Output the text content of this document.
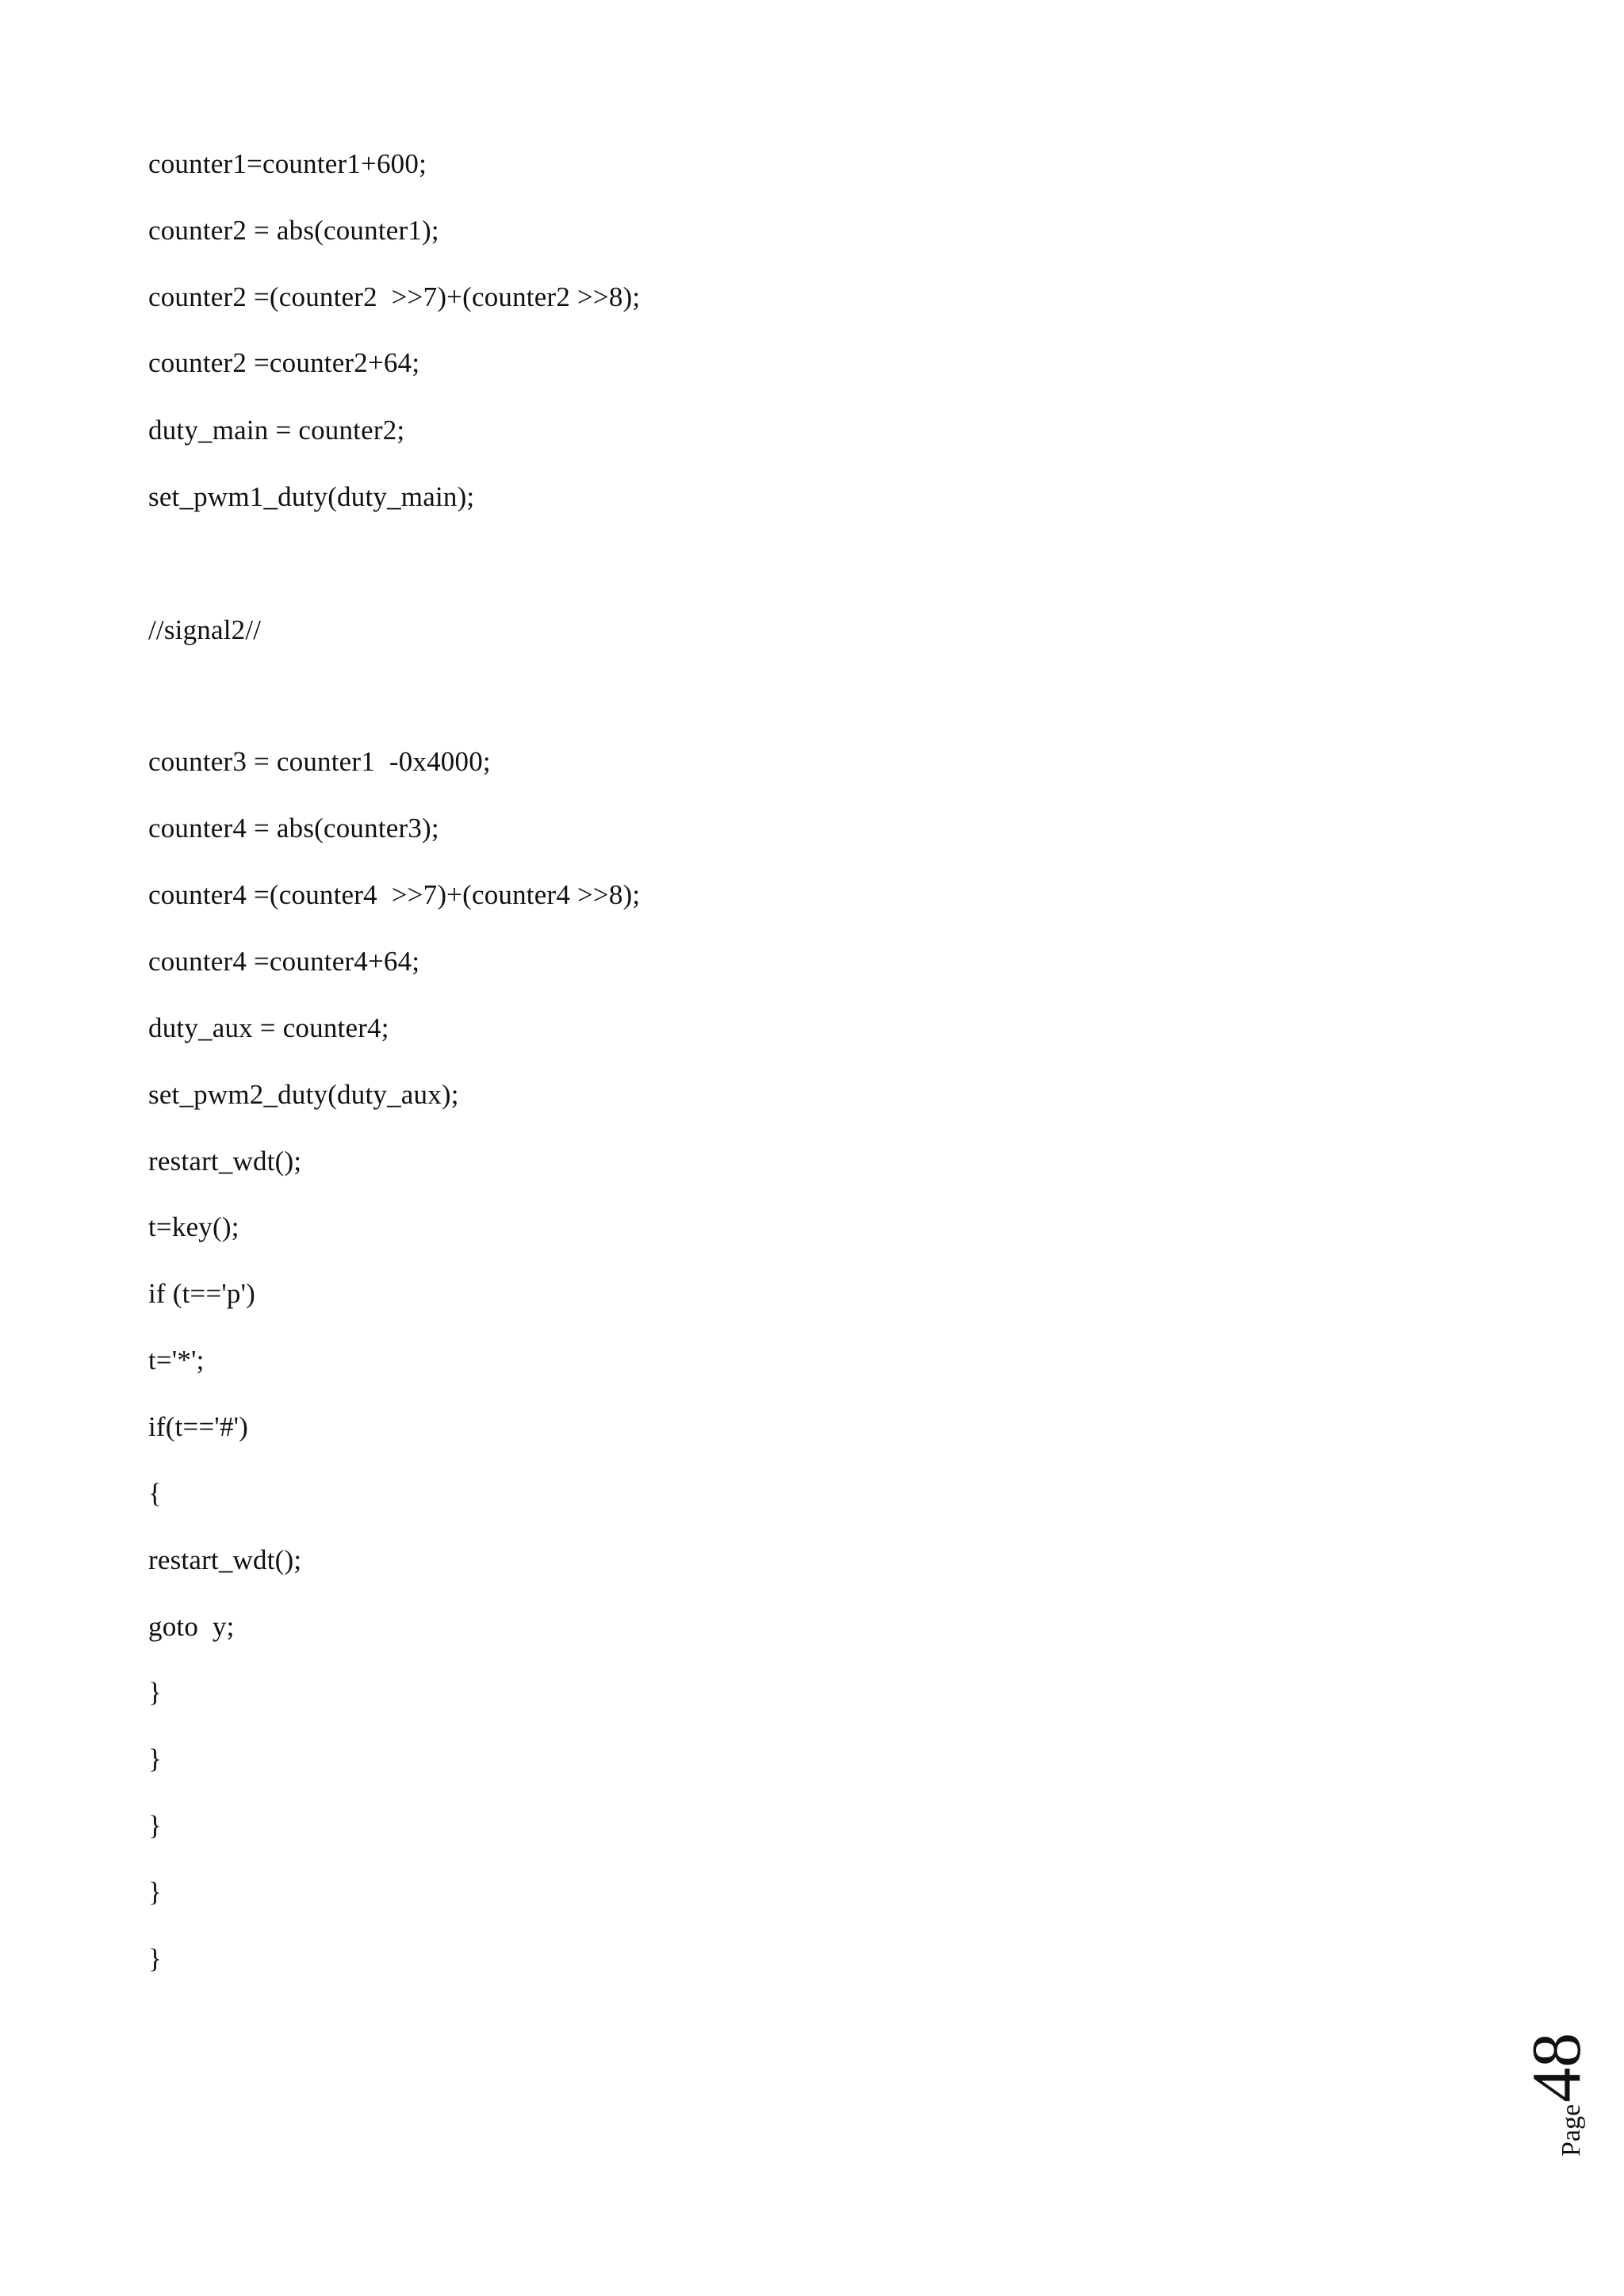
counter1=counter1+600;
counter2 = abs(counter1);
counter2 =(counter2  >>7)+(counter2 >>8);
counter2 =counter2+64;
duty_main = counter2;
set_pwm1_duty(duty_main);
//signal2//
counter3 = counter1  -0x4000;
counter4 = abs(counter3);
counter4 =(counter4  >>7)+(counter4 >>8);
counter4 =counter4+64;
duty_aux = counter4;
set_pwm2_duty(duty_aux);
restart_wdt();
t=key();
if (t=='p')
t='*';
if(t=='#')
{
restart_wdt();
goto  y;
}
}
}
}
}
Page
48
